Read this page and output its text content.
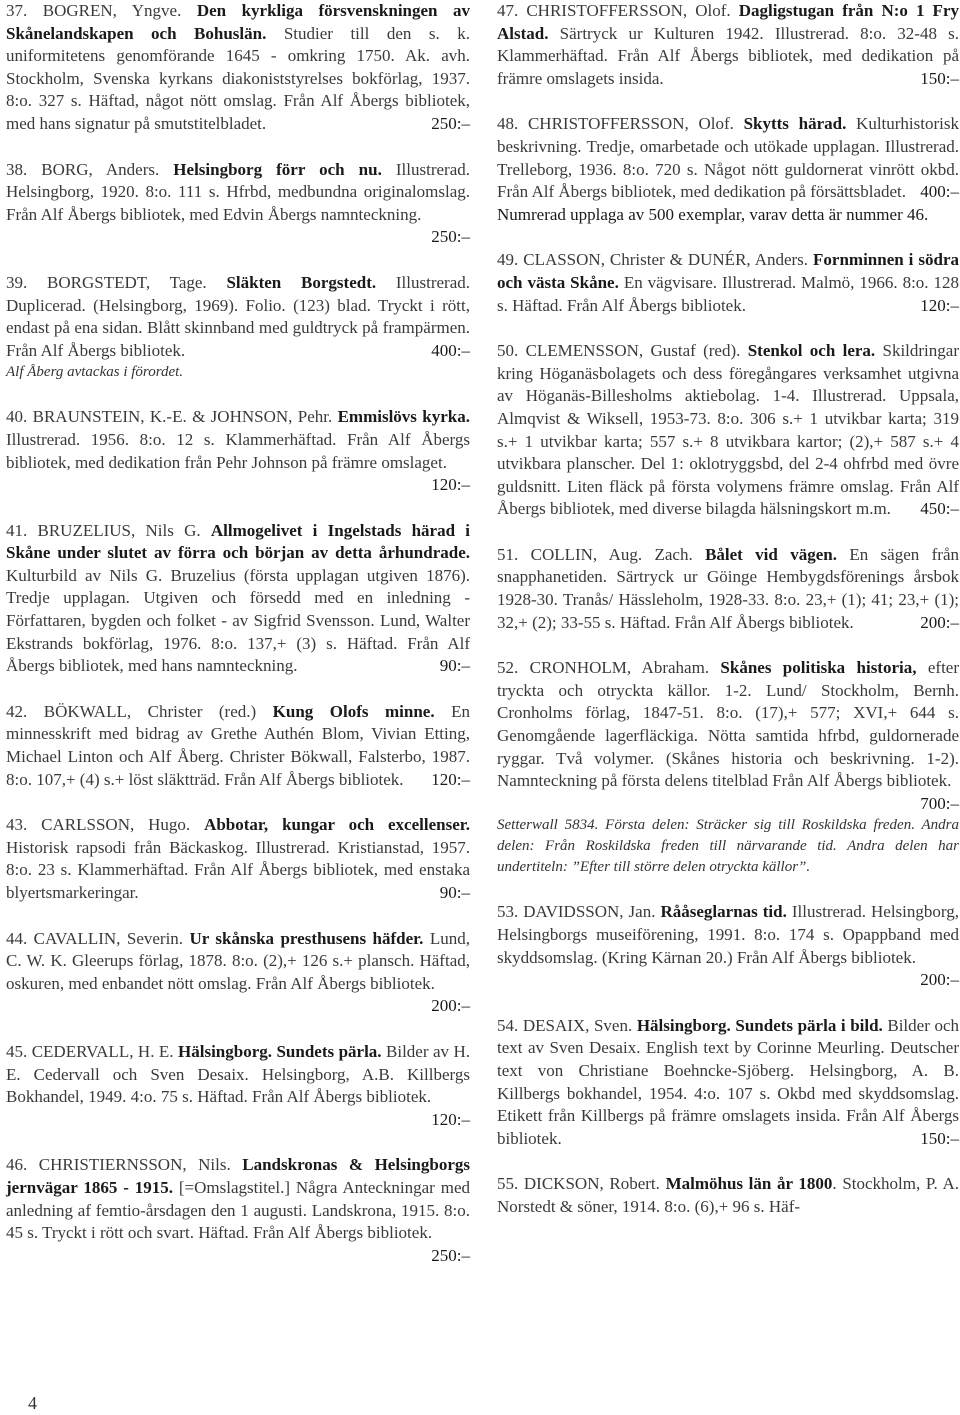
37. BOGREN, Yngve. Den kyrkliga försvenskningen av Skånelandskapen och Bohuslän. Studier till den s. k. uniformitetens genomförande 1645 - omkring 1750. Ak. avh. Stockholm, Svenska kyrkans diakoniststyrelses bokförlag, 1937. 8:o. 327 s. Häftad, något nött omslag. Från Alf Åbergs bibliotek, med hans signatur på smutstitelbladet.	250:–

38. BORG, Anders. Helsingborg förr och nu. Illustrerad. Helsingborg, 1920. 8:o. 111 s. Hfrbd, medbundna originalomslag. Från Alf Åbergs bibliotek, med Edvin Åbergs namnteckning.
250:–

39. BORGSTEDT, Tage. Släkten Borgstedt. Illustrerad. Duplicerad. (Helsingborg, 1969). Folio. (123) blad. Tryckt i rött, endast på ena sidan. Blått skinnband med guldtryck på frampärmen. Från Alf Åbergs bibliotek.	400:–

Alf Åberg avtackas i förordet.

40. BRAUNSTEIN, K.-E. & JOHNSON, Pehr. Emmislövs kyrka. Illustrerad. 1956. 8:o. 12 s. Klammerhäftad. Från Alf Åbergs bibliotek, med dedikation från Pehr Johnson på främre omslaget.
120:–

41. BRUZELIUS, Nils G. Allmogelivet i Ingelstads härad i Skåne under slutet av förra och början av detta århundrade. Kulturbild av Nils G. Bruzelius (första upplagan utgiven 1876). Tredje upplagan. Utgiven och försedd med en inledning - Författaren, bygden och folket - av Sigfrid Svensson. Lund, Walter Ekstrands bokförlag, 1976. 8:o. 137,+ (3) s. Häftad. Från Alf Åbergs bibliotek, med hans namnteckning.	90:–

42. BÖKWALL, Christer (red.) Kung Olofs minne. En minnesskrift med bidrag av Grethe Authén Blom, Vivian Etting, Michael Linton och Alf Åberg. Christer Bökwall, Falsterbo, 1987. 8:o. 107,+ (4) s.+ löst släktträd. Från Alf Åbergs bibliotek.	120:–

43. CARLSSON, Hugo. Abbotar, kungar och excellenser. Historisk rapsodi från Bäckaskog. Illustrerad. Kristianstad, 1957. 8:o. 23 s. Klammerhäftad. Från Alf Åbergs bibliotek, med enstaka blyertsmarkeringar.	90:–

44. CAVALLIN, Severin. Ur skånska presthusens häfder. Lund, C. W. K. Gleerups förlag, 1878. 8:o. (2),+ 126 s.+ plansch. Häftad, oskuren, med enbandet nött omslag. Från Alf Åbergs bibliotek.
200:–

45. CEDERVALL, H. E. Hälsingborg. Sundets pärla. Bilder av H. E. Cedervall och Sven Desaix. Helsingborg, A.B. Killbergs Bokhandel, 1949. 4:o. 75 s. Häftad. Från Alf Åbergs bibliotek.
120:–

46. CHRISTIERNSSON, Nils. Landskronas & Helsingborgs jernvägar 1865 - 1915. [=Omslagstitel.] Några Anteckningar med anledning af femtio-årsdagen den 1 augusti. Landskrona, 1915. 8:o. 45 s. Tryckt i rött och svart. Häftad. Från Alf Åbergs bibliotek.
250:–

47. CHRISTOFFERSSON, Olof. Dagligstugan från N:o 1 Fry Alstad. Särtryck ur Kulturen 1942. Illustrerad. 8:o. 32-48 s. Klammerhäftad. Från Alf Åbergs bibliotek, med dedikation på främre omslagets insida.	150:–

48. CHRISTOFFERSSON, Olof. Skytts härad. Kulturhistorisk beskrivning. Tredje, omarbetade och utökade upplagan. Illustrerad. Trelleborg, 1936. 8:o. 720 s. Något nött guldornerat vinrött okbd. Från Alf Åbergs bibliotek, med dedikation på försättsbladet. 400:–

Numrerad upplaga av 500 exemplar, varav detta är nummer 46.

49. CLASSON, Christer & DUNÉR, Anders. Fornminnen i södra och västa Skåne. En vägvisare. Illustrerad. Malmö, 1966. 8:o. 128 s. Häftad. Från Alf Åbergs bibliotek.	120:–

50. CLEMENSSON, Gustaf (red). Stenkol och lera. Skildringar kring Höganäsbolagets och dess föregångares verksamhet utgivna av Höganäs-Billesholms aktiebolag. 1-4. Illustrerad. Uppsala, Almqvist & Wiksell, 1953-73. 8:o. 306 s.+ 1 utvikbar karta; 319 s.+ 1 utvikbar karta; 557 s.+ 8 utvikbara kartor; (2),+ 587 s.+ 4 utvikbara planscher. Del 1: oklotryggsbd, del 2-4 ohfrbd med övre guldsnitt. Liten fläck på första volymens främre omslag. Från Alf Åbergs bibliotek, med diverse bilagda hälsningskort m.m.	450:–

51. COLLIN, Aug. Zach. Bålet vid vägen. En sägen från snapphanetiden. Särtryck ur Göinge Hembygdsförenings årsbok 1928-30. Tranås/ Hässleholm, 1928-33. 8:o. 23,+ (1); 41; 23,+ (1); 32,+ (2); 33-55 s. Häftad. Från Alf Åbergs bibliotek.	200:–

52. CRONHOLM, Abraham. Skånes politiska historia, efter tryckta och otryckta källor. 1-2. Lund/ Stockholm, Bernh. Cronholms förlag, 1847-51. 8:o. (17),+ 577; XVI,+ 644 s. Genomgående lagerfläckiga. Nötta samtida hfrbd, guldornerade ryggar. Två volymer. (Skånes historia och beskrivning. 1-2). Namnteckning på första delens titelblad Från Alf Åbergs bibliotek.
700:–

Setterwall 5834. Första delen: Sträcker sig till Roskildska freden. Andra delen: Från Roskildska freden till närvarande tid. Andra delen har undertiteln: ”Efter till större delen otryckta källor”.

53. DAVIDSSON, Jan. Rååseglarnas tid. Illustrerad. Helsingborg, Helsingborgs museiförening, 1991. 8:o. 174 s. Opappband med skyddsomslag. (Kring Kärnan 20.) Från Alf Åbergs bibliotek.
200:–

54. DESAIX, Sven. Hälsingborg. Sundets pärla i bild. Bilder och text av Sven Desaix. English text by Corinne Meurling. Deutscher text von Christiane Boehncke-Sjöberg. Helsingborg, A. B. Killbergs bokhandel, 1954. 4:o. 107 s. Okbd med skyddsomslag. Etikett från Killbergs på främre omslagets insida. Från Alf Åbergs bibliotek.	150:–

55. DICKSON, Robert. Malmöhus län år 1800. Stockholm, P. A. Norstedt & söner, 1914. 8:o. (6),+ 96 s. Häf-

4
